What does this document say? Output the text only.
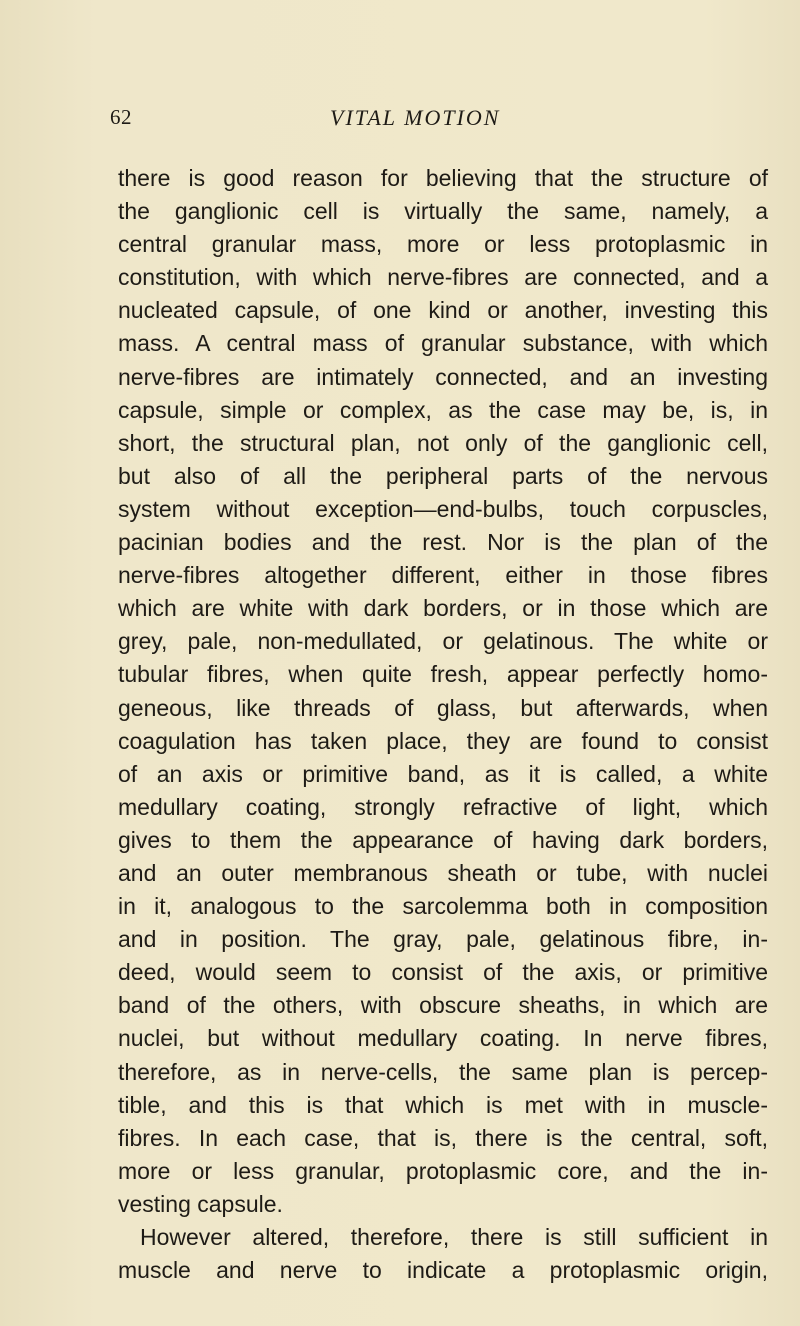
62	VITAL MOTION
there is good reason for believing that the structure of
the ganglionic cell is virtually the same, namely, a
central granular mass, more or less protoplasmic in
constitution, with which nerve-fibres are connected, and a
nucleated capsule, of one kind or another, investing this
mass. A central mass of granular substance, with which
nerve-fibres are intimately connected, and an investing
capsule, simple or complex, as the case may be, is, in
short, the structural plan, not only of the ganglionic cell,
but also of all the peripheral parts of the nervous
system without exception—end-bulbs, touch corpuscles,
pacinian bodies and the rest. Nor is the plan of the
nerve-fibres altogether different, either in those fibres
which are white with dark borders, or in those which are
grey, pale, non-medullated, or gelatinous. The white or
tubular fibres, when quite fresh, appear perfectly homo-
geneous, like threads of glass, but afterwards, when
coagulation has taken place, they are found to consist
of an axis or primitive band, as it is called, a white
medullary coating, strongly refractive of light, which
gives to them the appearance of having dark borders,
and an outer membranous sheath or tube, with nuclei
in it, analogous to the sarcolemma both in composition
and in position. The gray, pale, gelatinous fibre, in-
deed, would seem to consist of the axis, or primitive
band of the others, with obscure sheaths, in which are
nuclei, but without medullary coating. In nerve fibres,
therefore, as in nerve-cells, the same plan is percep-
tible, and this is that which is met with in muscle-
fibres. In each case, that is, there is the central, soft,
more or less granular, protoplasmic core, and the in-
vesting capsule.
However altered, therefore, there is still sufficient in
muscle and nerve to indicate a protoplasmic origin,
